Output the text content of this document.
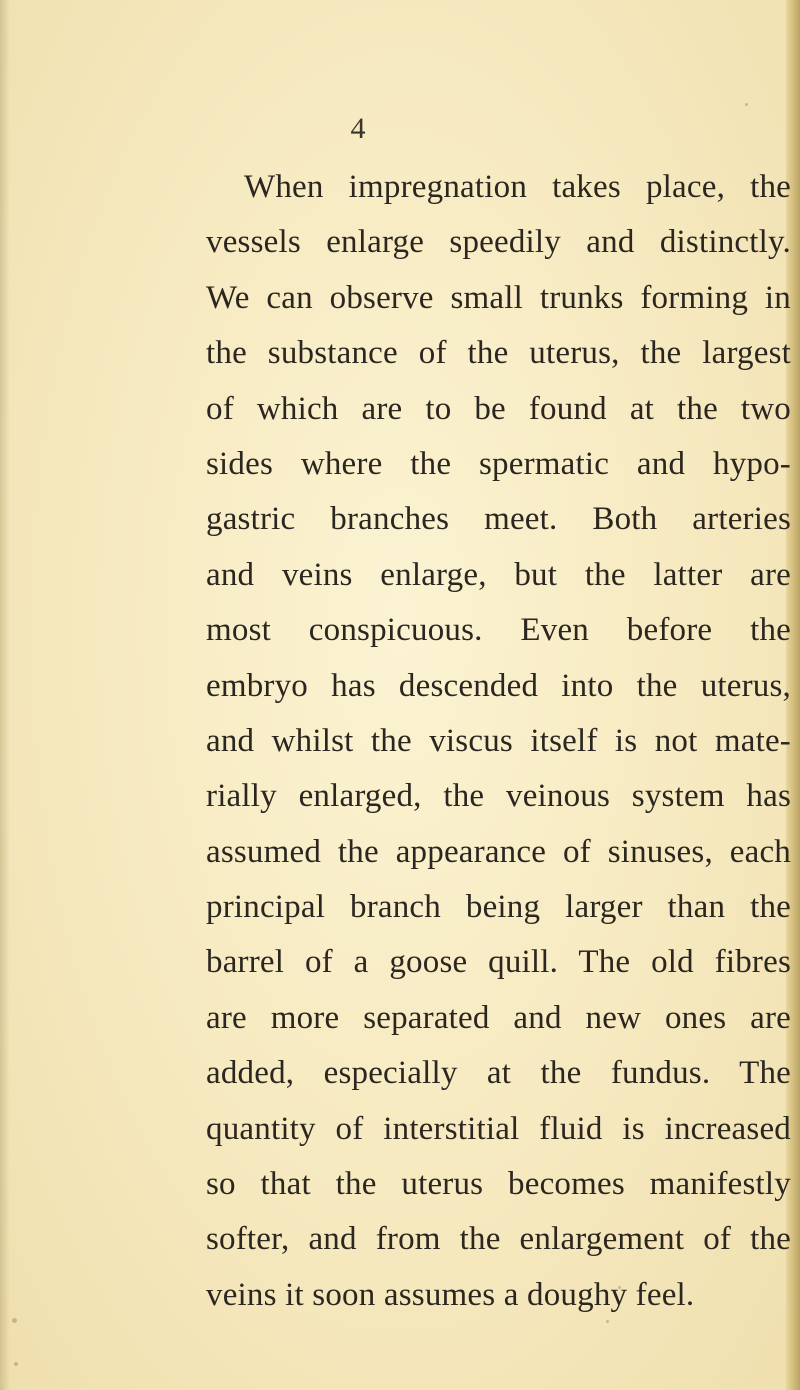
4
When impregnation takes place, the
vessels enlarge speedily and distinctly.
We can observe small trunks forming in
the substance of the uterus, the largest
of which are to be found at the two
sides where the spermatic and hypo-
gastric branches meet. Both arteries
and veins enlarge, but the latter are
most conspicuous. Even before the
embryo has descended into the uterus,
and whilst the viscus itself is not mate-
rially enlarged, the veinous system has
assumed the appearance of sinuses, each
principal branch being larger than the
barrel of a goose quill. The old fibres
are more separated and new ones are
added, especially at the fundus. The
quantity of interstitial fluid is increased
so that the uterus becomes manifestly
softer, and from the enlargement of the
veins it soon assumes a doughy feel.
